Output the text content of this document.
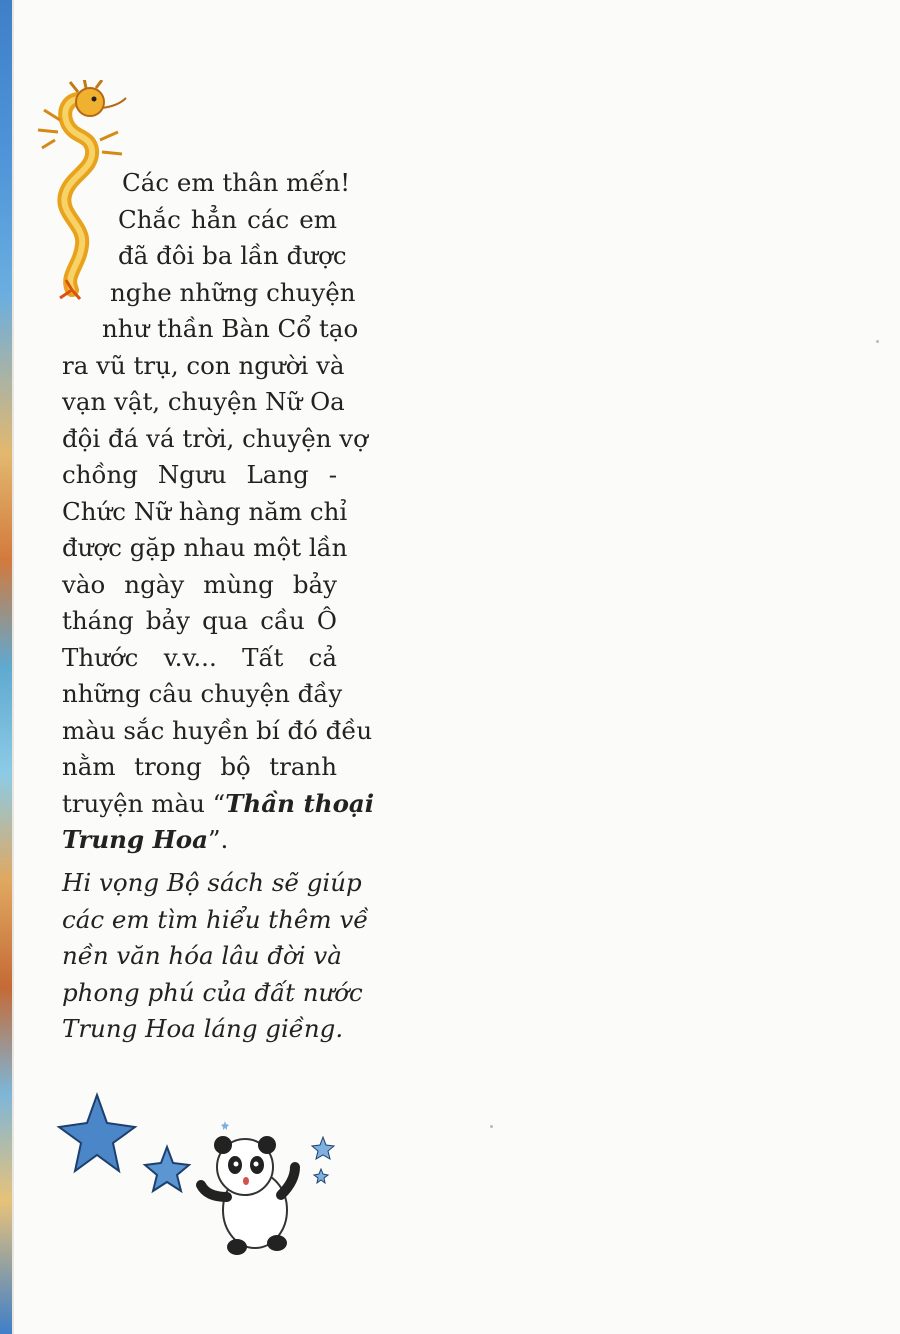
Các em thân mến!
Chắc hẳn các em
đã đôi ba lần được
nghe những chuyện
như thần Bàn Cổ tạo
ra vũ trụ, con người và
vạn vật, chuyện Nữ Oa
đội đá vá trời, chuyện vợ
chồng Ngưu Lang -
Chức Nữ hàng năm chỉ
được gặp nhau một lần
vào ngày mùng bảy
tháng bảy qua cầu Ô
Thước v.v... Tất cả
những câu chuyện đầy
màu sắc huyền bí đó đều
nằm trong bộ tranh
truyện màu “Thần thoại
Trung Hoa”.
Hi vọng Bộ sách sẽ giúp
các em tìm hiểu thêm về
nền văn hóa lâu đời và
phong phú của đất nước
Trung Hoa láng giềng.
